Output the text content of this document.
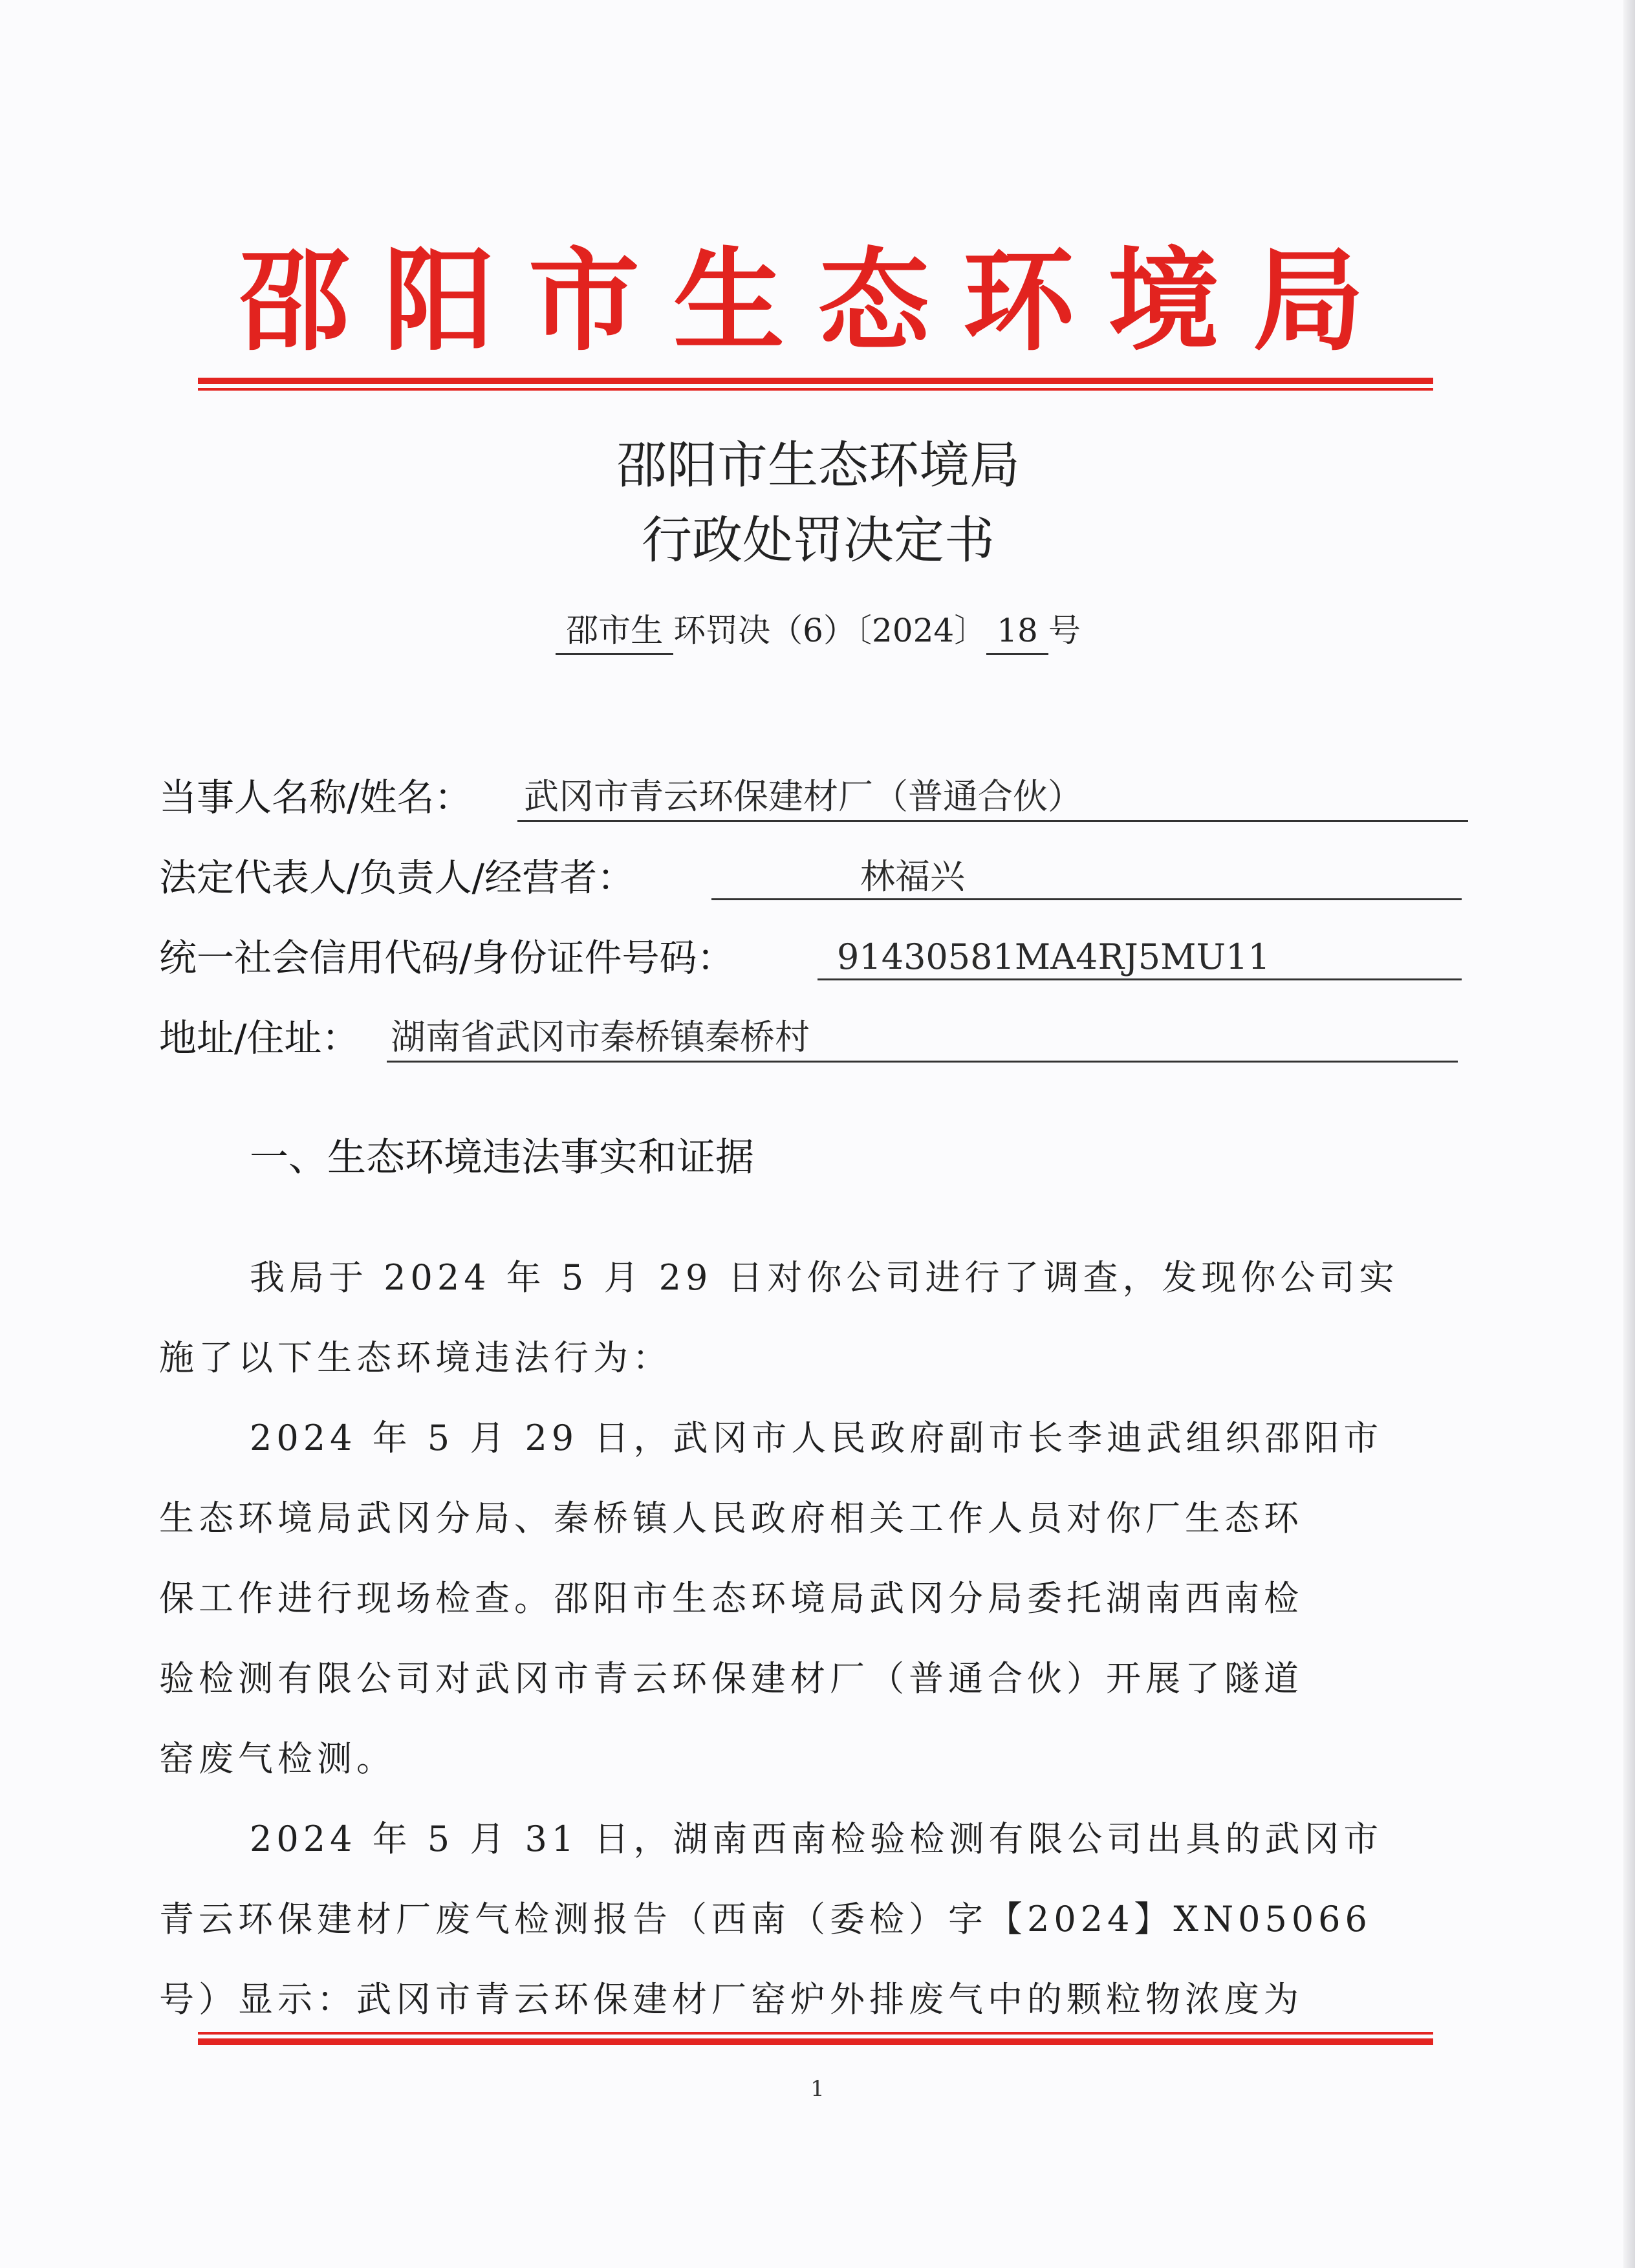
邵阳市生态环境局
邵阳市生态环境局
行政处罚决定书
邵市生 环罚决（6）〔2024〕 18 号
当事人名称/姓名： 武冈市青云环保建材厂（普通合伙）
法定代表人/负责人/经营者：	林福兴
统一社会信用代码/身份证件号码：	91430581MA4RJ5MU11
地址/住址： 湖南省武冈市秦桥镇秦桥村
一、生态环境违法事实和证据
我局于 2024 年 5 月 29 日对你公司进行了调查，发现你公司实
施了以下生态环境违法行为：
2024 年 5 月 29 日，武冈市人民政府副市长李迪武组织邵阳市
生态环境局武冈分局、秦桥镇人民政府相关工作人员对你厂生态环
保工作进行现场检查。邵阳市生态环境局武冈分局委托湖南西南检
验检测有限公司对武冈市青云环保建材厂（普通合伙）开展了隧道
窑废气检测。
2024 年 5 月 31 日，湖南西南检验检测有限公司出具的武冈市
青云环保建材厂废气检测报告（西南（委检）字【2024】XN05066
号）显示：武冈市青云环保建材厂窑炉外排废气中的颗粒物浓度为
1
